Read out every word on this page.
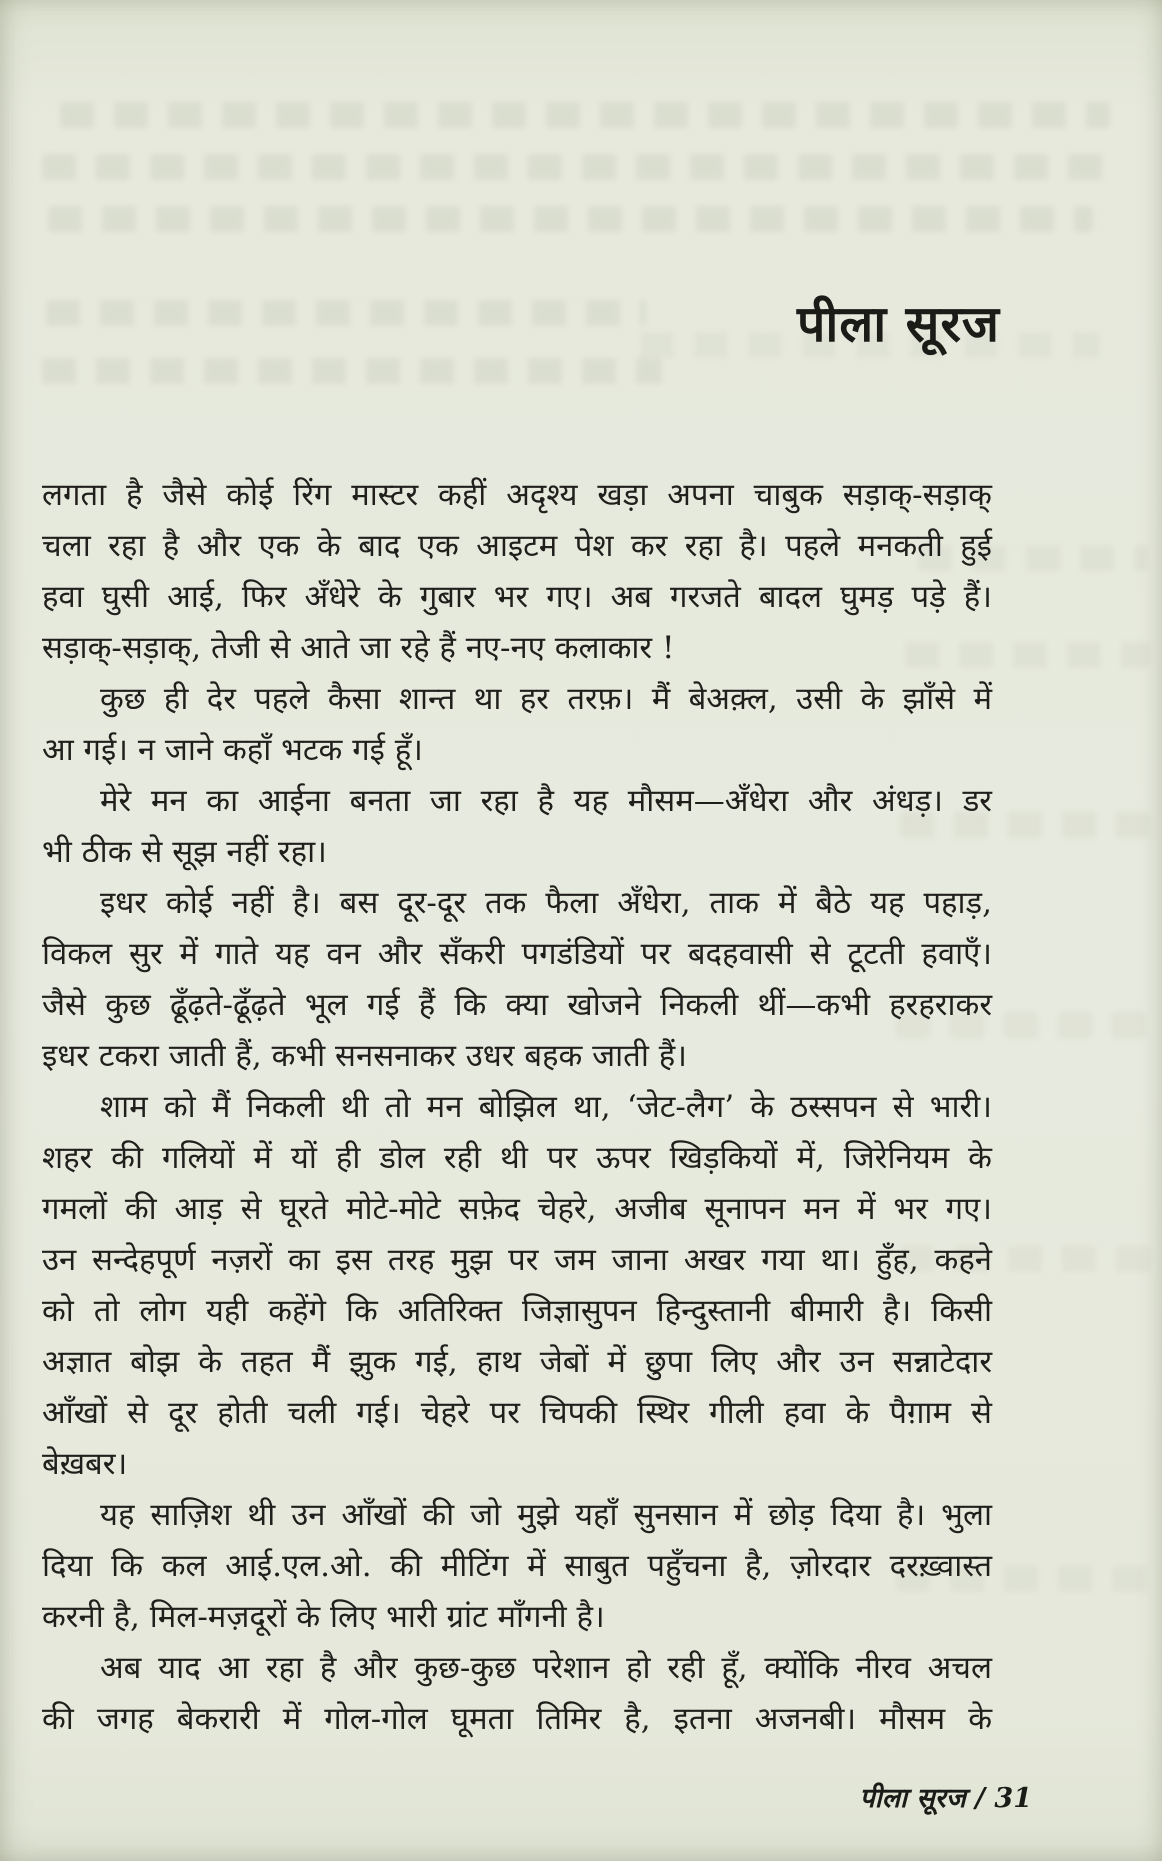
पीला सूरज
लगता है जैसे कोई रिंग मास्टर कहीं अदृश्य खड़ा अपना चाबुक सड़ाक्-सड़ाक्
चला रहा है और एक के बाद एक आइटम पेश कर रहा है। पहले मनकती हुई
हवा घुसी आई, फिर अँधेरे के गुबार भर गए। अब गरजते बादल घुमड़ पड़े हैं।
सड़ाक्-सड़ाक्, तेजी से आते जा रहे हैं नए-नए कलाकार !
कुछ ही देर पहले कैसा शान्त था हर तरफ़। मैं बेअक़्ल, उसी के झाँसे में
आ गई। न जाने कहाँ भटक गई हूँ।
मेरे मन का आईना बनता जा रहा है यह मौसम—अँधेरा और अंधड़। डर
भी ठीक से सूझ नहीं रहा।
इधर कोई नहीं है। बस दूर-दूर तक फैला अँधेरा, ताक में बैठे यह पहाड़,
विकल सुर में गाते यह वन और सँकरी पगडंडियों पर बदहवासी से टूटती हवाएँ।
जैसे कुछ ढूँढ़ते-ढूँढ़ते भूल गई हैं कि क्या खोजने निकली थीं—कभी हरहराकर
इधर टकरा जाती हैं, कभी सनसनाकर उधर बहक जाती हैं।
शाम को मैं निकली थी तो मन बोझिल था, ‘जेट-लैग’ के ठस्सपन से भारी।
शहर की गलियों में यों ही डोल रही थी पर ऊपर खिड़कियों में, जिरेनियम के
गमलों की आड़ से घूरते मोटे-मोटे सफ़ेद चेहरे, अजीब सूनापन मन में भर गए।
उन सन्देहपूर्ण नज़रों का इस तरह मुझ पर जम जाना अखर गया था। हुँह, कहने
को तो लोग यही कहेंगे कि अतिरिक्त जिज्ञासुपन हिन्दुस्तानी बीमारी है। किसी
अज्ञात बोझ के तहत मैं झुक गई, हाथ जेबों में छुपा लिए और उन सन्नाटेदार
आँखों से दूर होती चली गई। चेहरे पर चिपकी स्थिर गीली हवा के पैग़ाम से
बेख़बर।
यह साज़िश थी उन आँखों की जो मुझे यहाँ सुनसान में छोड़ दिया है। भुला
दिया कि कल आई.एल.ओ. की मीटिंग में साबुत पहुँचना है, ज़ोरदार दरख़्वास्त
करनी है, मिल-मज़दूरों के लिए भारी ग्रांट माँगनी है।
अब याद आ रहा है और कुछ-कुछ परेशान हो रही हूँ, क्योंकि नीरव अचल
की जगह बेकरारी में गोल-गोल घूमता तिमिर है, इतना अजनबी। मौसम के
पीला सूरज / 31
